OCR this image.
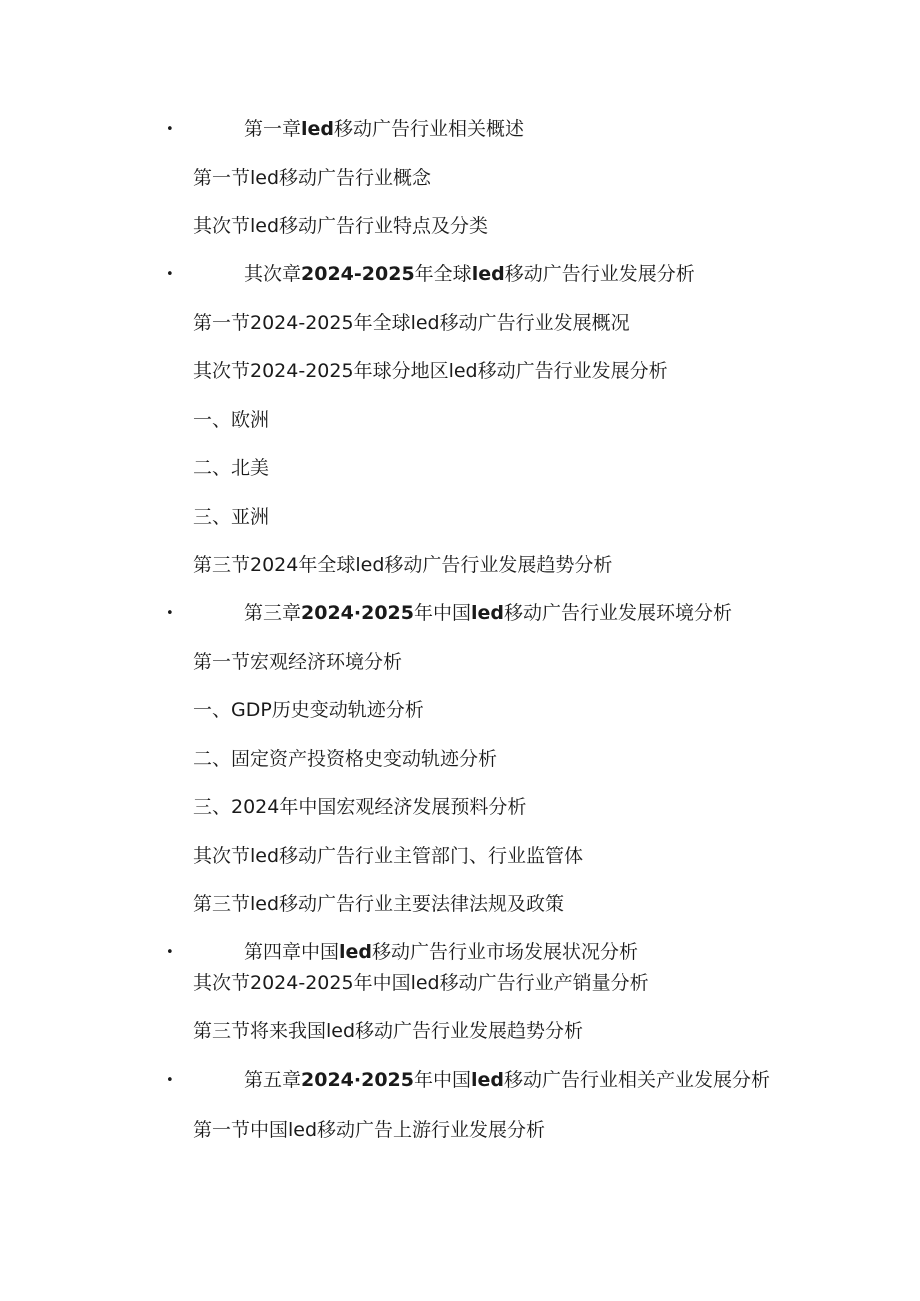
•	第一章led移动广告行业相关概述
第一节led移动广告行业概念
其次节led移动广告行业特点及分类
•	其次章2024-2025年全球led移动广告行业发展分析
第一节2024-2025年全球led移动广告行业发展概况
其次节2024-2025年球分地区led移动广告行业发展分析
一、欧洲
二、北美
三、亚洲
第三节2024年全球led移动广告行业发展趋势分析
•	第三章2024·2025年中国led移动广告行业发展环境分析
第一节宏观经济环境分析
一、GDP历史变动轨迹分析
二、固定资产投资格史变动轨迹分析
三、2024年中国宏观经济发展预料分析
其次节led移动广告行业主管部门、行业监管体
第三节led移动广告行业主要法律法规及政策
•	第四章中国led移动广告行业市场发展状况分析
其次节2024-2025年中国led移动广告行业产销量分析
第三节将来我国led移动广告行业发展趋势分析
•	第五章2024·2025年中国led移动广告行业相关产业发展分析
第一节中国led移动广告上游行业发展分析
